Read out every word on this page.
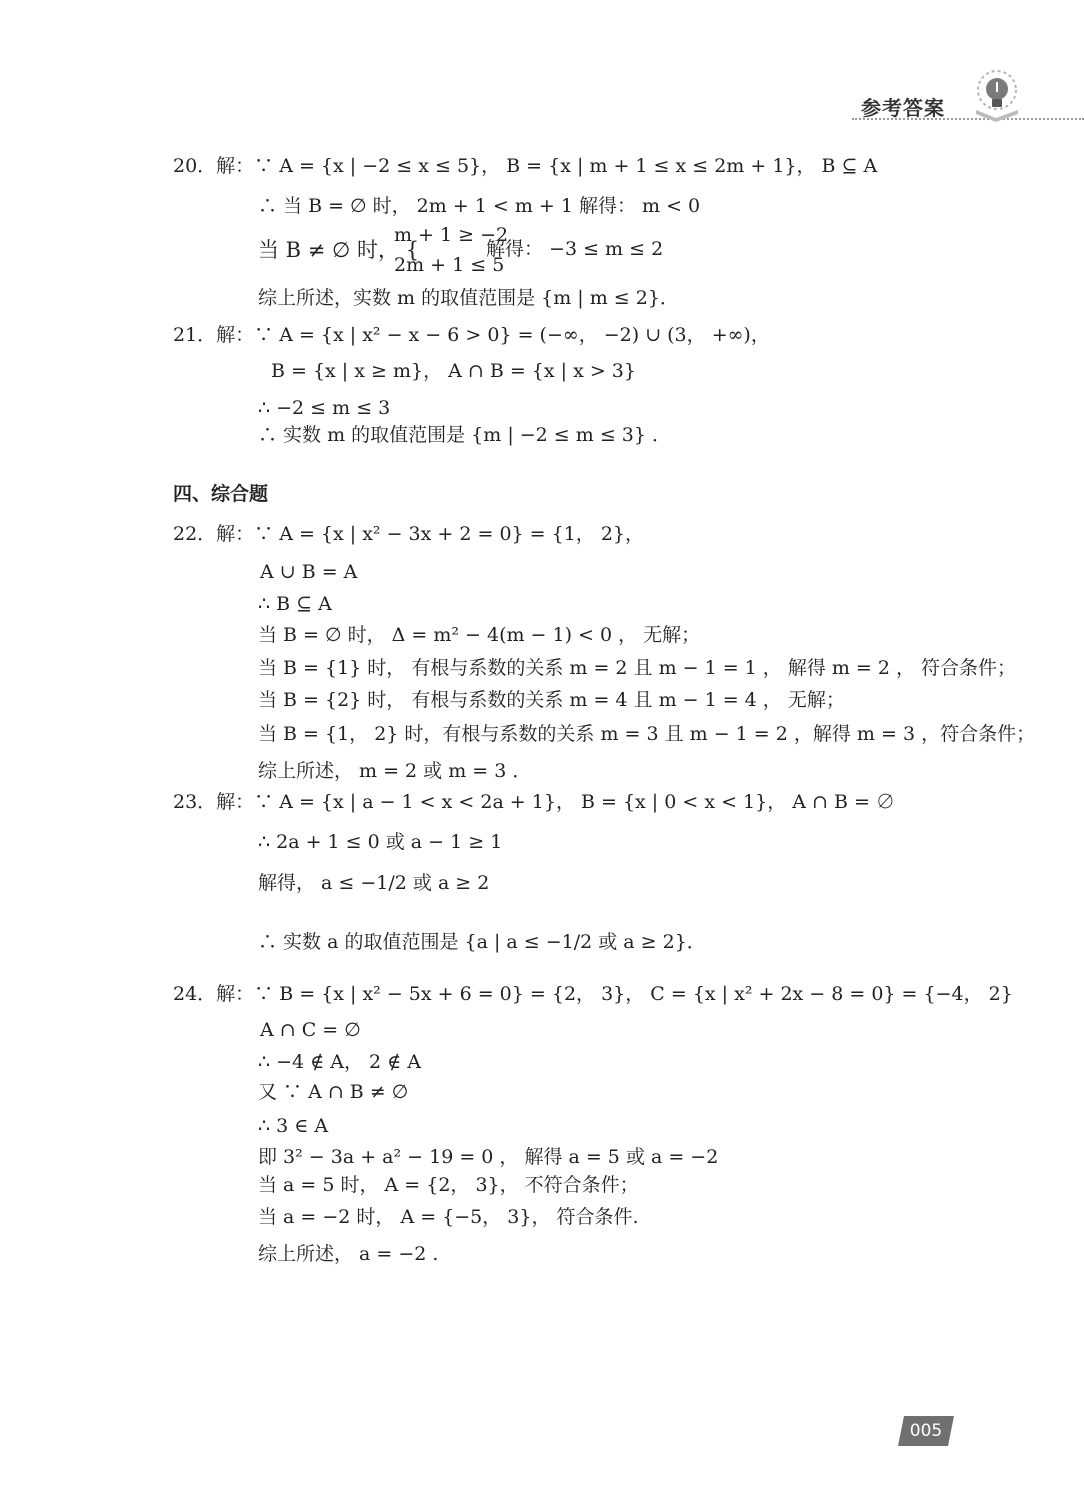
参考答案
20．解：∵ A = {x | −2 ≤ x ≤ 5}， B = {x | m + 1 ≤ x ≤ 2m + 1}， B ⊆ A
∴ 当 B = ∅ 时， 2m + 1 < m + 1 解得： m < 0
m + 1 ≥ −2
当 B ≠ ∅ 时， {	解得： −3 ≤ m ≤ 2
2m + 1 ≤ 5
综上所述，实数 m 的取值范围是 {m | m ≤ 2}．
21．解：∵ A = {x | x² − x − 6 > 0} = (−∞， −2) ∪ (3， +∞)，
B = {x | x ≥ m}， A ∩ B = {x | x > 3}
∴ −2 ≤ m ≤ 3
∴ 实数 m 的取值范围是 {m | −2 ≤ m ≤ 3} ．
四、综合题
22．解：∵ A = {x | x² − 3x + 2 = 0} = {1， 2}，
A ∪ B = A
∴ B ⊆ A
当 B = ∅ 时， Δ = m² − 4(m − 1) < 0 ， 无解；
当 B = {1} 时， 有根与系数的关系 m = 2 且 m − 1 = 1 ， 解得 m = 2 ， 符合条件；
当 B = {2} 时， 有根与系数的关系 m = 4 且 m − 1 = 4 ， 无解；
当 B = {1， 2} 时，有根与系数的关系 m = 3 且 m − 1 = 2 ，解得 m = 3 ，符合条件；
综上所述， m = 2 或 m = 3 ．
23．解：∵ A = {x | a − 1 < x < 2a + 1}， B = {x | 0 < x < 1}， A ∩ B = ∅
∴ 2a + 1 ≤ 0 或 a − 1 ≥ 1
解得， a ≤ −1/2 或 a ≥ 2
∴ 实数 a 的取值范围是 {a | a ≤ −1/2 或 a ≥ 2}．
24．解：∵ B = {x | x² − 5x + 6 = 0} = {2， 3}， C = {x | x² + 2x − 8 = 0} = {−4， 2}
A ∩ C = ∅
∴ −4 ∉ A， 2 ∉ A
又 ∵ A ∩ B ≠ ∅
∴ 3 ∈ A
即 3² − 3a + a² − 19 = 0 ， 解得 a = 5 或 a = −2
当 a = 5 时， A = {2， 3}， 不符合条件；
当 a = −2 时， A = {−5， 3}， 符合条件.
综上所述， a = −2 .
005
